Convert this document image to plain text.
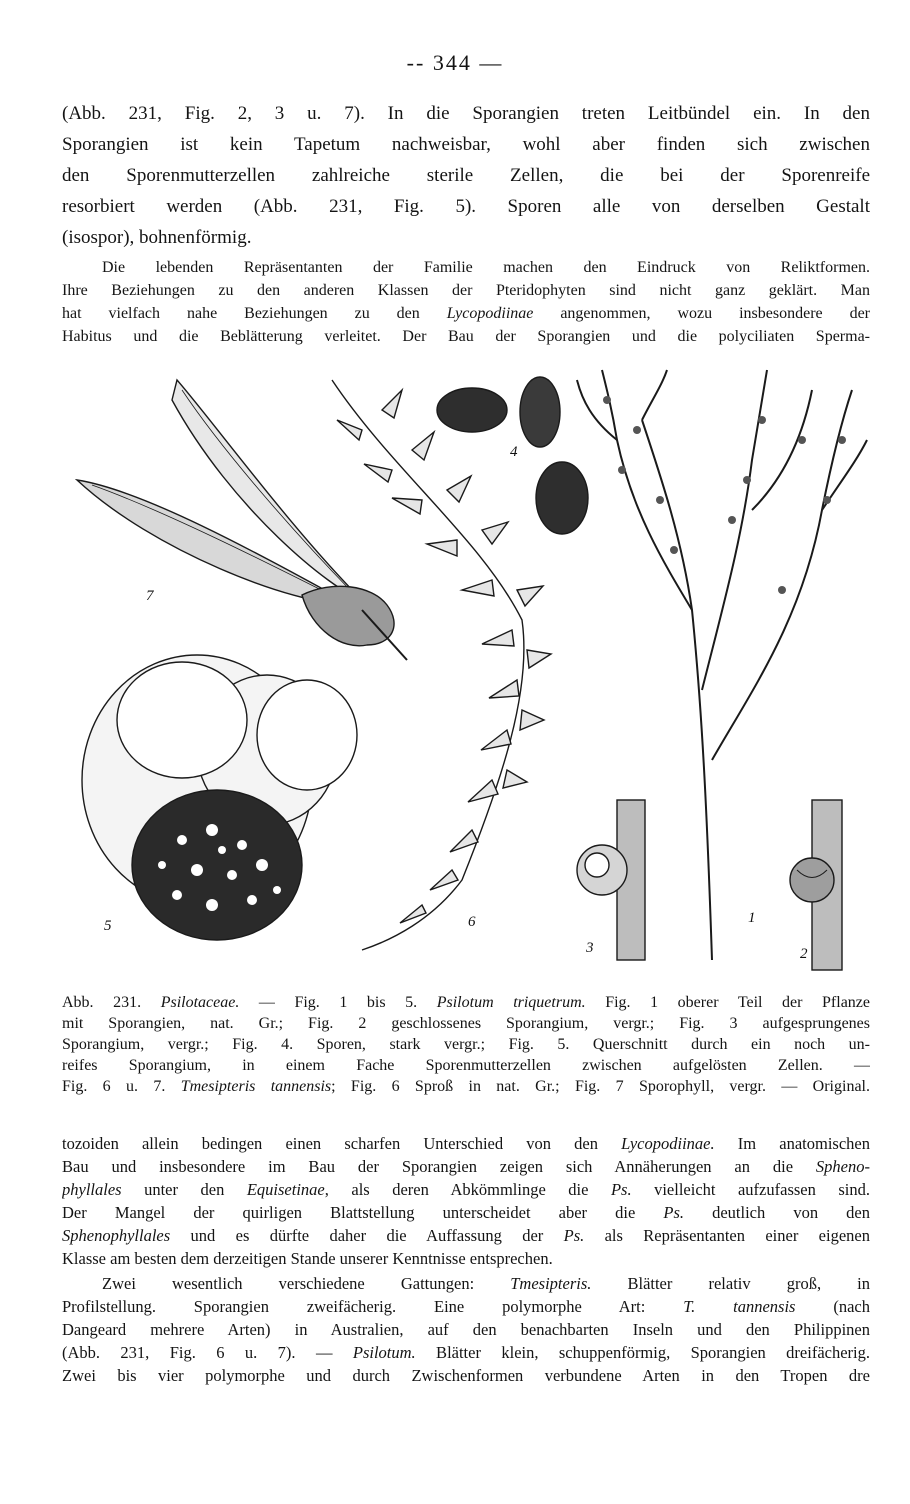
-- 344 —
(Abb. 231, Fig. 2, 3 u. 7). In die Sporangien treten Leitbündel ein. In den
Sporangien ist kein Tapetum nachweisbar, wohl aber finden sich zwischen
den Sporenmutterzellen zahlreiche sterile Zellen, die bei der Sporenreife
resorbiert werden (Abb. 231, Fig. 5). Sporen alle von derselben Gestalt
(isospor), bohnenförmig.
Die lebenden Repräsentanten der Familie machen den Eindruck von Reliktformen.
Ihre Beziehungen zu den anderen Klassen der Pteridophyten sind nicht ganz geklärt. Man
hat vielfach nahe Beziehungen zu den Lycopodiinae angenommen, wozu insbesondere der
Habitus und die Beblätterung verleitet. Der Bau der Sporangien und die polyciliaten Sperma-
7
4
5	6
3
1
2
Abb. 231. Psilotaceae. — Fig. 1 bis 5. Psilotum triquetrum. Fig. 1 oberer Teil der Pflanze
mit Sporangien, nat. Gr.; Fig. 2 geschlossenes Sporangium, vergr.; Fig. 3 aufgesprungenes
Sporangium, vergr.; Fig. 4. Sporen, stark vergr.; Fig. 5. Querschnitt durch ein noch un-
reifes Sporangium, in einem Fache Sporenmutterzellen zwischen aufgelösten Zellen. —
Fig. 6 u. 7. Tmesipteris tannensis; Fig. 6 Sproß in nat. Gr.; Fig. 7 Sporophyll, vergr. — Original.
tozoiden allein bedingen einen scharfen Unterschied von den Lycopodiinae. Im anatomischen
Bau und insbesondere im Bau der Sporangien zeigen sich Annäherungen an die Spheno-
phyllales unter den Equisetinae, als deren Abkömmlinge die Ps. vielleicht aufzufassen sind.
Der Mangel der quirligen Blattstellung unterscheidet aber die Ps. deutlich von den
Sphenophyllales und es dürfte daher die Auffassung der Ps. als Repräsentanten einer eigenen
Klasse am besten dem derzeitigen Stande unserer Kenntnisse entsprechen.
Zwei wesentlich verschiedene Gattungen: Tmesipteris. Blätter relativ groß, in
Profilstellung. Sporangien zweifächerig. Eine polymorphe Art: T. tannensis (nach
Dangeard mehrere Arten) in Australien, auf den benachbarten Inseln und den Philippinen
(Abb. 231, Fig. 6 u. 7). — Psilotum. Blätter klein, schuppenförmig, Sporangien dreifächerig.
Zwei bis vier polymorphe und durch Zwischenformen verbundene Arten in den Tropen dre
